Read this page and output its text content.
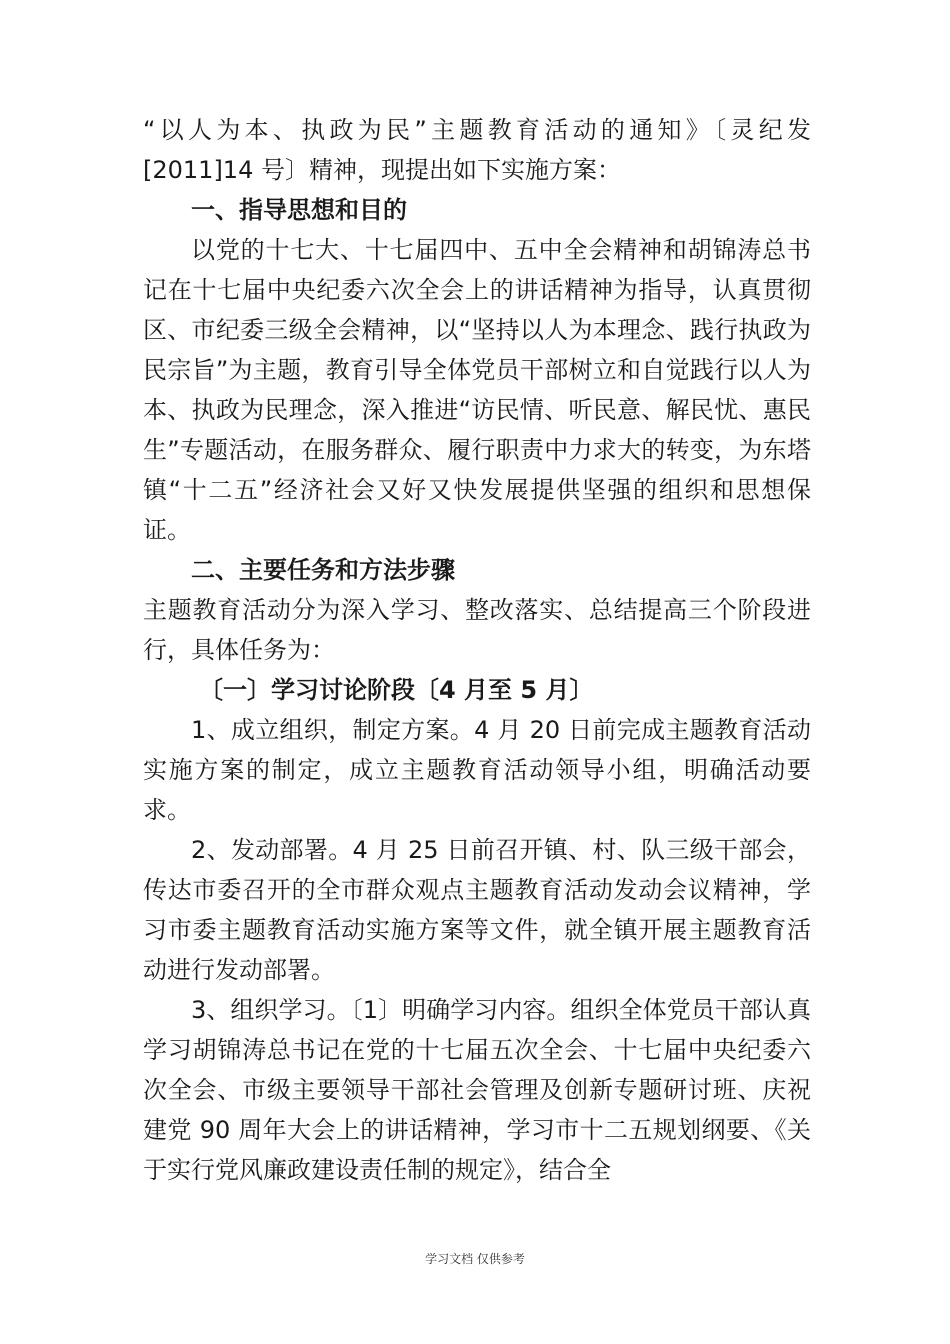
“以人为本、执政为民”主题教育活动的通知》〔灵纪发[2011]14 号〕精神，现提出如下实施方案：

一、指导思想和目的

以党的十七大、十七届四中、五中全会精神和胡锦涛总书记在十七届中央纪委六次全会上的讲话精神为指导，认真贯彻区、市纪委三级全会精神，以“坚持以人为本理念、践行执政为民宗旨”为主题，教育引导全体党员干部树立和自觉践行以人为本、执政为民理念，深入推进“访民情、听民意、解民忧、惠民生”专题活动，在服务群众、履行职责中力求大的转变，为东塔镇“十二五”经济社会又好又快发展提供坚强的组织和思想保证。

二、主要任务和方法步骤

主题教育活动分为深入学习、整改落实、总结提高三个阶段进行，具体任务为：

〔一〕学习讨论阶段〔4 月至 5 月〕

1、成立组织，制定方案。4 月 20 日前完成主题教育活动实施方案的制定，成立主题教育活动领导小组，明确活动要求。

2、发动部署。4 月 25 日前召开镇、村、队三级干部会，传达市委召开的全市群众观点主题教育活动发动会议精神，学习市委主题教育活动实施方案等文件，就全镇开展主题教育活动进行发动部署。

3、组织学习。〔1〕明确学习内容。组织全体党员干部认真学习胡锦涛总书记在党的十七届五次全会、十七届中央纪委六次全会、市级主要领导干部社会管理及创新专题研讨班、庆祝建党 90 周年大会上的讲话精神，学习市十二五规划纲要、《关于实行党风廉政建设责任制的规定》，结合全

学习文档 仅供参考
